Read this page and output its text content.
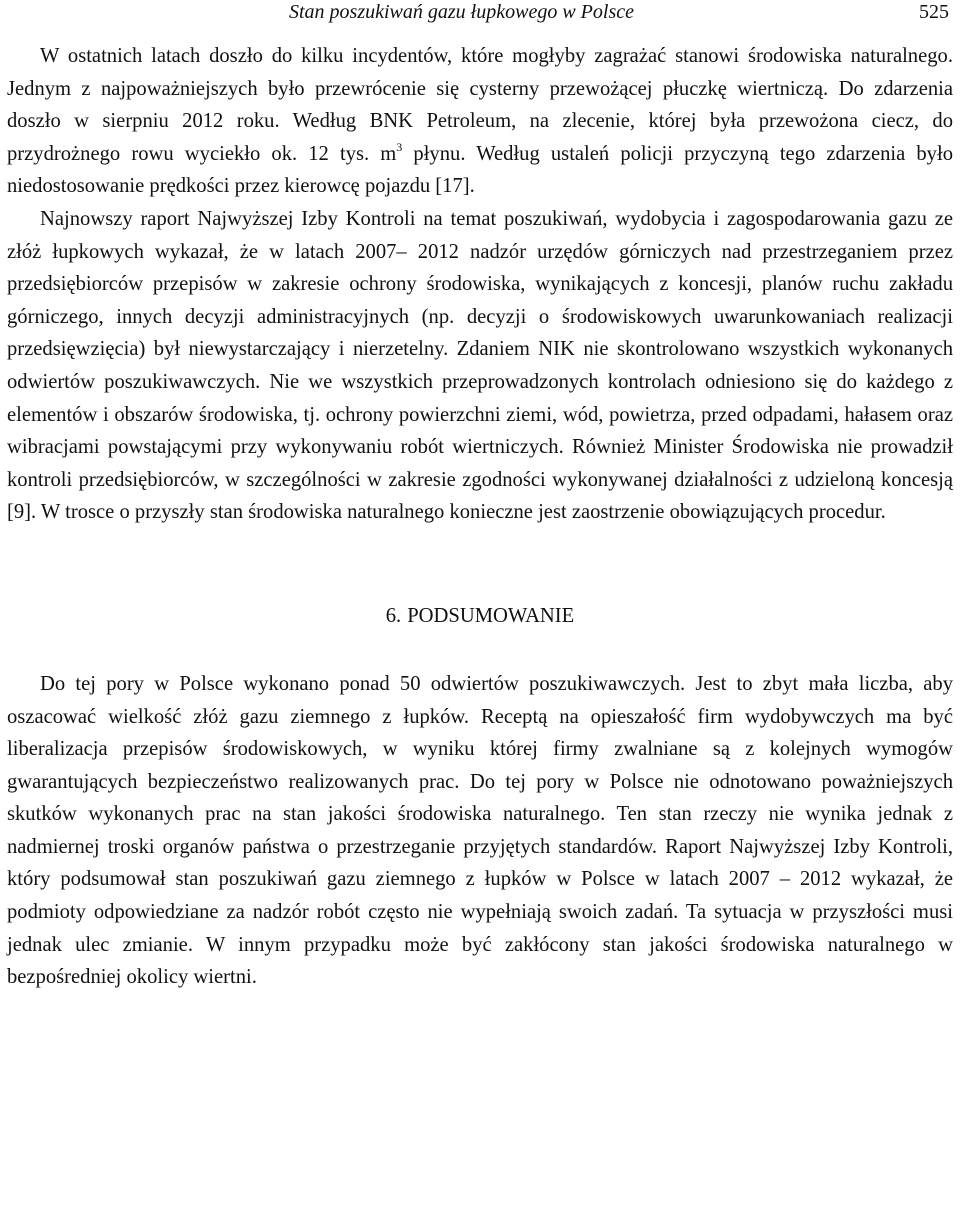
Stan poszukiwań gazu łupkowego w Polsce	525

W ostatnich latach doszło do kilku incydentów, które mogłyby zagrażać stanowi środowiska naturalnego. Jednym z najpoważniejszych było przewrócenie się cysterny przewożącej płuczkę wiertniczą. Do zdarzenia doszło w sierpniu 2012 roku. Według BNK Petroleum, na zlecenie, której była przewożona ciecz, do przydrożnego rowu wyciekło ok. 12 tys. $m^3$ płynu. Według ustaleń policji przyczyną tego zdarzenia było niedostosowanie prędkości przez kierowcę pojazdu [17].

Najnowszy raport Najwyższej Izby Kontroli na temat poszukiwań, wydobycia i zagospodarowania gazu ze złóż łupkowych wykazał, że w latach 2007– 2012 nadzór urzędów górniczych nad przestrzeganiem przez przedsiębiorców przepisów w zakresie ochrony środowiska, wynikających z koncesji, planów ruchu zakładu górniczego, innych decyzji administracyjnych (np. decyzji o środowiskowych uwarunkowaniach realizacji przedsięwzięcia) był niewystarczający i nierzetelny. Zdaniem NIK nie skontrolowano wszystkich wykonanych odwiertów poszukiwawczych. Nie we wszystkich przeprowadzonych kontrolach odniesiono się do każdego z elementów i obszarów środowiska, tj. ochrony powierzchni ziemi, wód, powietrza, przed odpadami, hałasem oraz wibracjami powstającymi przy wykonywaniu robót wiertniczych. Również Minister Środowiska nie prowadził kontroli przedsiębiorców, w szczególności w zakresie zgodności wykonywanej działalności z udzieloną koncesją [9]. W trosce o przyszły stan środowiska naturalnego konieczne jest zaostrzenie obowiązujących procedur.

6. PODSUMOWANIE

Do tej pory w Polsce wykonano ponad 50 odwiertów poszukiwawczych. Jest to zbyt mała liczba, aby oszacować wielkość złóż gazu ziemnego z łupków. Receptą na opieszałość firm wydobywczych ma być liberalizacja przepisów środowiskowych, w wyniku której firmy zwalniane są z kolejnych wymogów gwarantujących bezpieczeństwo realizowanych prac. Do tej pory w Polsce nie odnotowano poważniejszych skutków wykonanych prac na stan jakości środowiska naturalnego. Ten stan rzeczy nie wynika jednak z nadmiernej troski organów państwa o przestrzeganie przyjętych standardów. Raport Najwyższej Izby Kontroli, który podsumował stan poszukiwań gazu ziemnego z łupków w Polsce w latach 2007 – 2012 wykazał, że podmioty odpowiedziane za nadzór robót często nie wypełniają swoich zadań. Ta sytuacja w przyszłości musi jednak ulec zmianie. W innym przypadku może być zakłócony stan jakości środowiska naturalnego w bezpośredniej okolicy wiertni.
